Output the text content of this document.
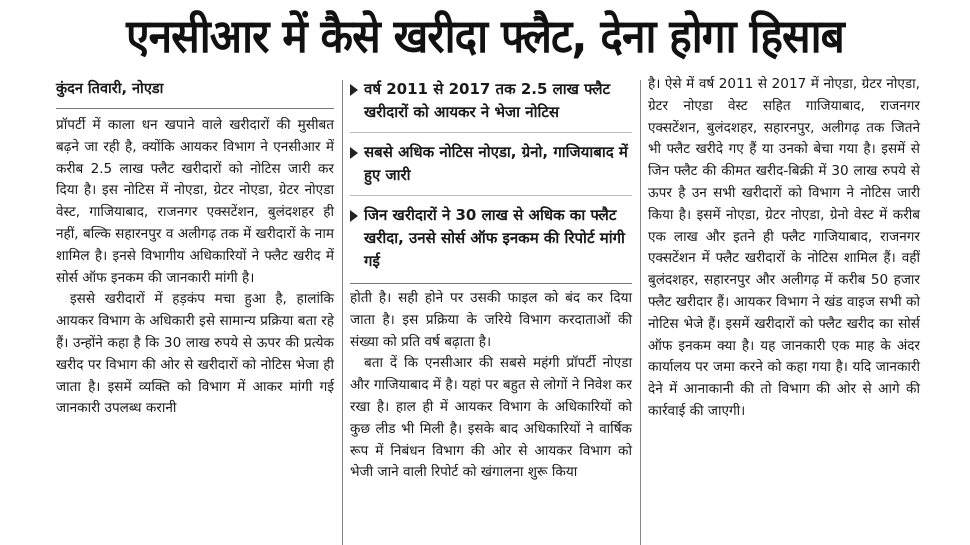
एनसीआर में कैसे खरीदा फ्लैट, देना होगा हिसाब
कुंदन तिवारी, नोएडा

प्रॉपर्टी में काला धन खपाने वाले खरीदारों की मुसीबत बढ़ने जा रही है, क्योंकि आयकर विभाग ने एनसीआर में करीब 2.5 लाख फ्लैट खरीदारों को नोटिस जारी कर दिया है। इस नोटिस में नोएडा, ग्रेटर नोएडा, ग्रेटर नोएडा वेस्ट, गाजियाबाद, राजनगर एक्सटेंशन, बुलंदशहर ही नहीं, बल्कि सहारनपुर व अलीगढ़ तक में खरीदारों के नाम शामिल है। इनसे विभागीय अधिकारियों ने फ्लैट खरीद में सोर्स ऑफ इनकम की जानकारी मांगी है।

इससे खरीदारों में हड़कंप मचा हुआ है, हालांकि आयकर विभाग के अधिकारी इसे सामान्य प्रक्रिया बता रहे हैं। उन्होंने कहा है कि 30 लाख रुपये से ऊपर की प्रत्येक खरीद पर विभाग की ओर से खरीदारों को नोटिस भेजा ही जाता है। इसमें व्यक्ति को विभाग में आकर मांगी गई जानकारी उपलब्ध करानी

वर्ष 2011 से 2017 तक 2.5 लाख फ्लैट खरीदारों को आयकर ने भेजा नोटिस
सबसे अधिक नोटिस नोएडा, ग्रेनो, गाजियाबाद में हुए जारी
जिन खरीदारों ने 30 लाख से अधिक का फ्लैट खरीदा, उनसे सोर्स ऑफ इनकम की रिपोर्ट मांगी गई

होती है। सही होने पर उसकी फाइल को बंद कर दिया जाता है। इस प्रक्रिया के जरिये विभाग करदाताओं की संख्या को प्रति वर्ष बढ़ाता है।

बता दें कि एनसीआर की सबसे महंगी प्रॉपर्टी नोएडा और गाजियाबाद में है। यहां पर बहुत से लोगों ने निवेश कर रखा है। हाल ही में आयकर विभाग के अधिकारियों को कुछ लीड भी मिली है। इसके बाद अधिकारियों ने वार्षिक रूप में निबंधन विभाग की ओर से आयकर विभाग को भेजी जाने वाली रिपोर्ट को खंगालना शुरू किया

है। ऐसे में वर्ष 2011 से 2017 में नोएडा, ग्रेटर नोएडा, ग्रेटर नोएडा वेस्ट सहित गाजियाबाद, राजनगर एक्सटेंशन, बुलंदशहर, सहारनपुर, अलीगढ़ तक जितने भी फ्लैट खरीदे गए हैं या उनको बेचा गया है। इसमें से जिन फ्लैट की कीमत खरीद-बिक्री में 30 लाख रुपये से ऊपर है उन सभी खरीदारों को विभाग ने नोटिस जारी किया है। इसमें नोएडा, ग्रेटर नोएडा, ग्रेनो वेस्ट में करीब एक लाख और इतने ही फ्लैट गाजियाबाद, राजनगर एक्सटेंशन में फ्लैट खरीदारों के नोटिस शामिल हैं। वहीं बुलंदशहर, सहारनपुर और अलीगढ़ में करीब 50 हजार फ्लैट खरीदार हैं। आयकर विभाग ने खंड वाइज सभी को नोटिस भेजे हैं। इसमें खरीदारों को फ्लैट खरीद का सोर्स ऑफ इनकम क्या है। यह जानकारी एक माह के अंदर कार्यालय पर जमा करने को कहा गया है। यदि जानकारी देने में आनाकानी की तो विभाग की ओर से आगे की कार्रवाई की जाएगी।
